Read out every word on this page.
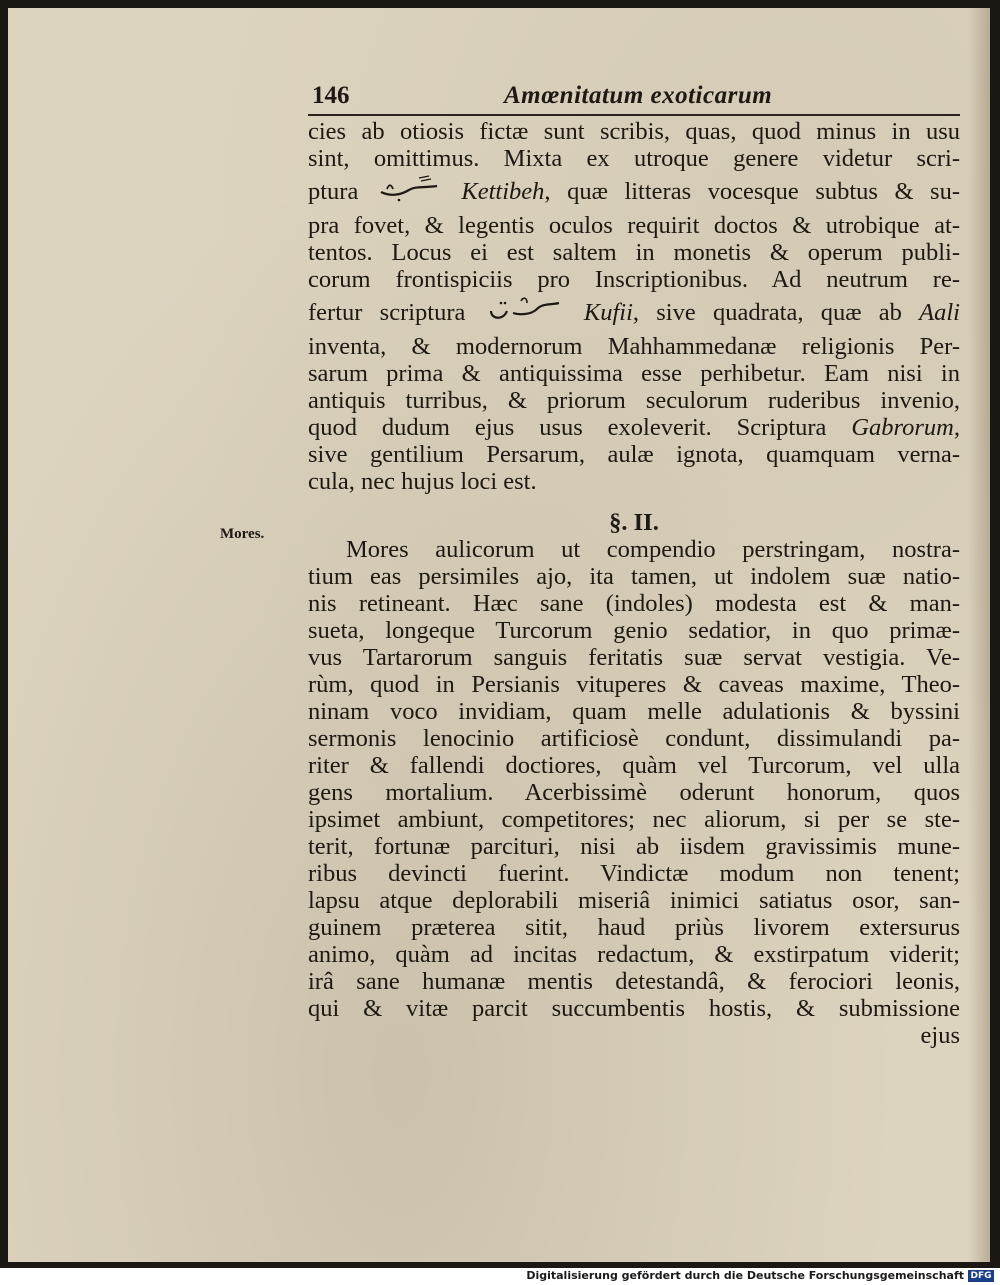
146	Amœnitatum exoticarum
Mores.
cies ab otiosis fictæ sunt scribis, quas, quod minus in usu
sint, omittimus. Mixta ex utroque genere videtur scri-
ptura	Kettibeh, quæ litteras vocesque subtus & su-
pra fovet, & legentis oculos requirit doctos & utrobique at-
tentos. Locus ei est saltem in monetis & operum publi-
corum frontispiciis pro Inscriptionibus. Ad neutrum re-
fertur scriptura	Kufii, sive quadrata, quæ ab Aali
inventa, & modernorum Mahhammedanæ religionis Per-
sarum prima & antiquissima esse perhibetur. Eam nisi in
antiquis turribus, & priorum seculorum ruderibus invenio,
quod dudum ejus usus exoleverit. Scriptura Gabrorum,
sive gentilium Persarum, aulæ ignota, quamquam verna-
cula, nec hujus loci est.
§. II.
Mores aulicorum ut compendio perstringam, nostra-
tium eas persimiles ajo, ita tamen, ut indolem suæ natio-
nis retineant. Hæc sane (indoles) modesta est & man-
sueta, longeque Turcorum genio sedatior, in quo primæ-
vus Tartarorum sanguis feritatis suæ servat vestigia. Ve-
rùm, quod in Persianis vituperes & caveas maxime, Theo-
ninam voco invidiam, quam melle adulationis & byssini
sermonis lenocinio artificiosè condunt, dissimulandi pa-
riter & fallendi doctiores, quàm vel Turcorum, vel ulla
gens mortalium. Acerbissimè oderunt honorum, quos
ipsimet ambiunt, competitores; nec aliorum, si per se ste-
terit, fortunæ parcituri, nisi ab iisdem gravissimis mune-
ribus devincti fuerint. Vindictæ modum non tenent;
lapsu atque deplorabili miseriâ inimici satiatus osor, san-
guinem præterea sitit, haud priùs livorem extersurus
animo, quàm ad incitas redactum, & exstirpatum viderit;
irâ sane humanæ mentis detestandâ, & ferociori leonis,
qui & vitæ parcit succumbentis hostis, & submissione
ejus
Digitalisierung gefördert durch die Deutsche Forschungsgemeinschaft DFG
